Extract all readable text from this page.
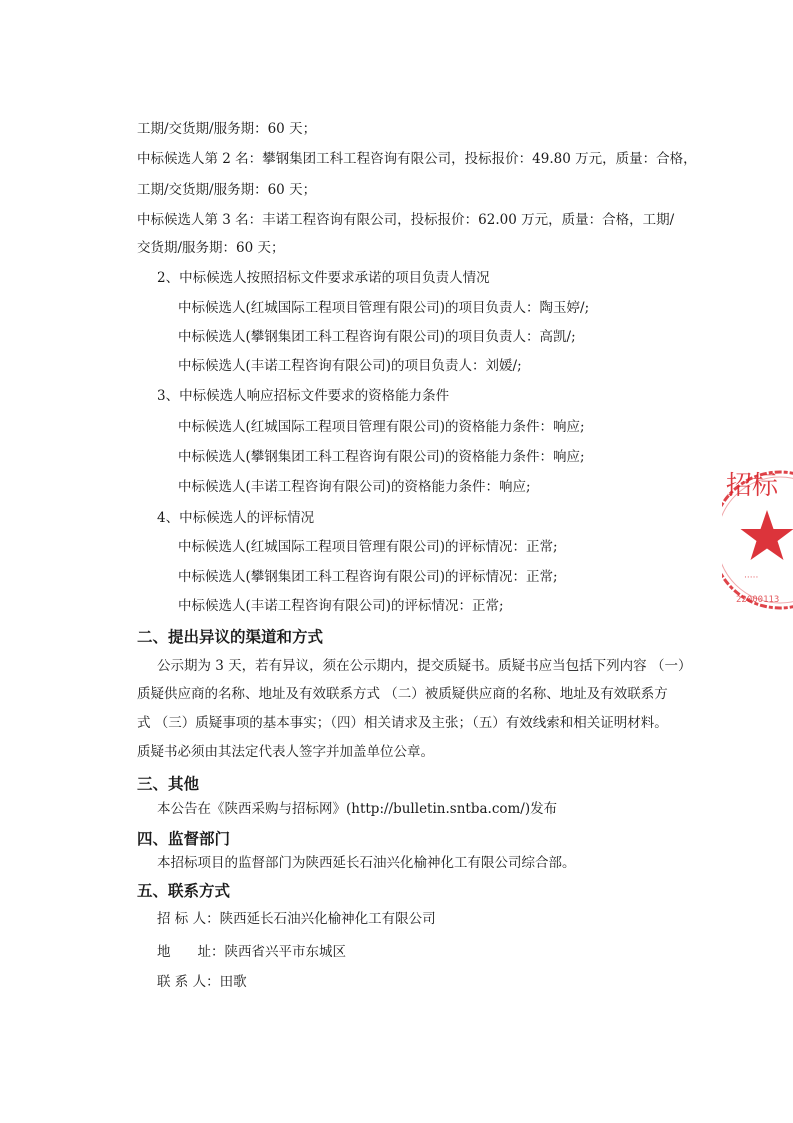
工期/交货期/服务期：60 天；
中标候选人第 2 名：攀钢集团工科工程咨询有限公司，投标报价：49.80 万元，质量：合格，
工期/交货期/服务期：60 天；
中标候选人第 3 名：丰诺工程咨询有限公司，投标报价：62.00 万元，质量：合格，工期/
交货期/服务期：60 天；
2、中标候选人按照招标文件要求承诺的项目负责人情况
中标候选人(红城国际工程项目管理有限公司)的项目负责人：陶玉婷/;
中标候选人(攀钢集团工科工程咨询有限公司)的项目负责人：高凯/;
中标候选人(丰诺工程咨询有限公司)的项目负责人：刘媛/;
3、中标候选人响应招标文件要求的资格能力条件
中标候选人(红城国际工程项目管理有限公司)的资格能力条件：响应;
中标候选人(攀钢集团工科工程咨询有限公司)的资格能力条件：响应;
中标候选人(丰诺工程咨询有限公司)的资格能力条件：响应;
4、中标候选人的评标情况
中标候选人(红城国际工程项目管理有限公司)的评标情况：正常;
中标候选人(攀钢集团工科工程咨询有限公司)的评标情况：正常;
中标候选人(丰诺工程咨询有限公司)的评标情况：正常;
二、提出异议的渠道和方式
公示期为 3 天，若有异议，须在公示期内，提交质疑书。质疑书应当包括下列内容 （一）
质疑供应商的名称、地址及有效联系方式 （二）被质疑供应商的名称、地址及有效联系方
式 （三）质疑事项的基本事实；（四）相关请求及主张；（五）有效线索和相关证明材料。
质疑书必须由其法定代表人签字并加盖单位公章。
三、其他
本公告在《陕西采购与招标网》(http://bulletin.sntba.com/)发布
四、监督部门
本招标项目的监督部门为陕西延长石油兴化榆神化工有限公司综合部。
五、联系方式
招 标 人：陕西延长石油兴化榆神化工有限公司
地　　址：陕西省兴平市东城区
联 系 人：田歌
招标
·····
22000113
